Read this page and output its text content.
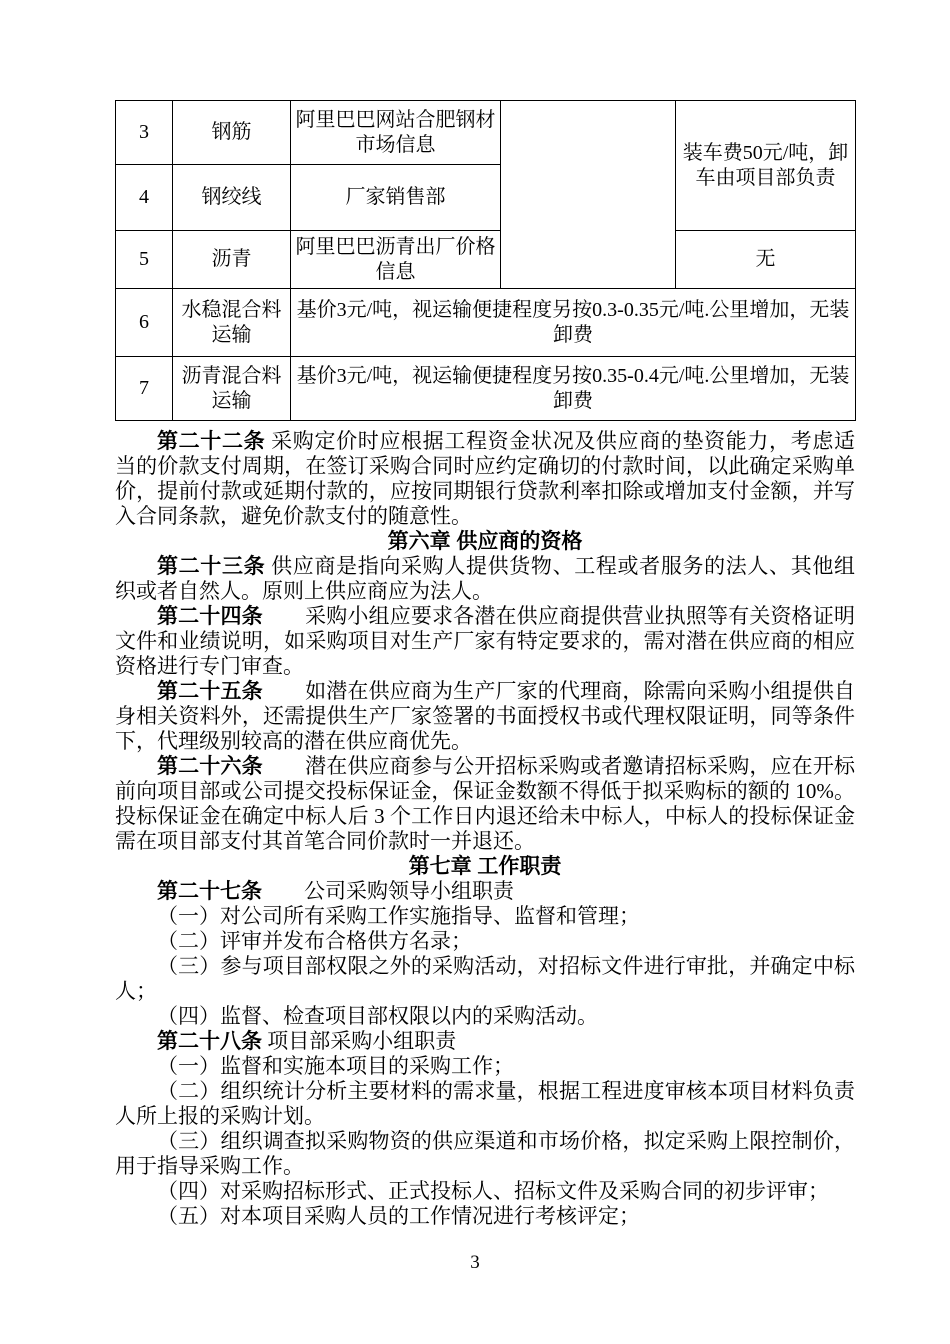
3	钢筋	阿里巴巴网站合肥钢材市场信息		装车费50元/吨，卸车由项目部负责
4	钢绞线	厂家销售部		
5	沥青	阿里巴巴沥青出厂价格信息		无
6	水稳混合料运输	基价3元/吨，视运输便捷程度另按0.3-0.35元/吨.公里增加，无装卸费		
7	沥青混合料运输	基价3元/吨，视运输便捷程度另按0.35-0.4元/吨.公里增加，无装卸费		

第二十二条 采购定价时应根据工程资金状况及供应商的垫资能力，考虑适当的价款支付周期，在签订采购合同时应约定确切的付款时间，以此确定采购单价，提前付款或延期付款的，应按同期银行贷款利率扣除或增加支付金额，并写入合同条款，避免价款支付的随意性。

第六章 供应商的资格

第二十三条 供应商是指向采购人提供货物、工程或者服务的法人、其他组织或者自然人。原则上供应商应为法人。

第二十四条　　采购小组应要求各潜在供应商提供营业执照等有关资格证明文件和业绩说明，如采购项目对生产厂家有特定要求的，需对潜在供应商的相应资格进行专门审查。

第二十五条　　如潜在供应商为生产厂家的代理商，除需向采购小组提供自身相关资料外，还需提供生产厂家签署的书面授权书或代理权限证明，同等条件下，代理级别较高的潜在供应商优先。

第二十六条　　潜在供应商参与公开招标采购或者邀请招标采购，应在开标前向项目部或公司提交投标保证金，保证金数额不得低于拟采购标的额的 10%。投标保证金在确定中标人后 3 个工作日内退还给未中标人，中标人的投标保证金需在项目部支付其首笔合同价款时一并退还。

第七章 工作职责

第二十七条　　公司采购领导小组职责

（一）对公司所有采购工作实施指导、监督和管理；

（二）评审并发布合格供方名录；

（三）参与项目部权限之外的采购活动，对招标文件进行审批，并确定中标人；

（四）监督、检查项目部权限以内的采购活动。

第二十八条 项目部采购小组职责

（一）监督和实施本项目的采购工作；

（二）组织统计分析主要材料的需求量，根据工程进度审核本项目材料负责人所上报的采购计划。

（三）组织调查拟采购物资的供应渠道和市场价格，拟定采购上限控制价，用于指导采购工作。

（四）对采购招标形式、正式投标人、招标文件及采购合同的初步评审；

（五）对本项目采购人员的工作情况进行考核评定；

3
